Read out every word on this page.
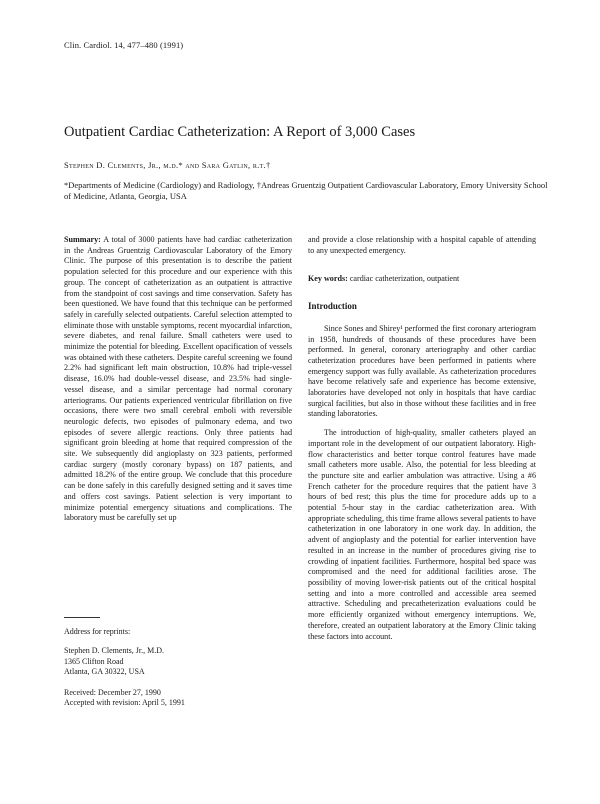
Clin. Cardiol. 14, 477–480 (1991)
Outpatient Cardiac Catheterization: A Report of 3,000 Cases
Stephen D. Clements, Jr., m.d.* and Sara Gatlin, r.t.†
*Departments of Medicine (Cardiology) and Radiology, †Andreas Gruentzig Outpatient Cardiovascular Laboratory, Emory University School of Medicine, Atlanta, Georgia, USA

Summary: A total of 3000 patients have had cardiac catheterization in the Andreas Gruentzig Cardiovascular Laboratory of the Emory Clinic. The purpose of this presentation is to describe the patient population selected for this procedure and our experience with this group. The concept of catheterization as an outpatient is attractive from the standpoint of cost savings and time conservation. Safety has been questioned. We have found that this technique can be performed safely in carefully selected outpatients. Careful selection attempted to eliminate those with unstable symptoms, recent myocardial infarction, severe diabetes, and renal failure. Small catheters were used to minimize the potential for bleeding. Excellent opacification of vessels was obtained with these catheters. Despite careful screening we found 2.2% had significant left main obstruction, 10.8% had triple-vessel disease, 16.0% had double-vessel disease, and 23.5% had single-vessel disease, and a similar percentage had normal coronary arteriograms. Our patients experienced ventricular fibrillation on five occasions, there were two small cerebral emboli with reversible neurologic defects, two episodes of pulmonary edema, and two episodes of severe allergic reactions. Only three patients had significant groin bleeding at home that required compression of the site. We subsequently did angioplasty on 323 patients, performed cardiac surgery (mostly coronary bypass) on 187 patients, and admitted 18.2% of the entire group. We conclude that this procedure can be done safely in this carefully designed setting and it saves time and offers cost savings. Patient selection is very important to minimize potential emergency situations and complications. The laboratory must be carefully set up

and provide a close relationship with a hospital capable of attending to any unexpected emergency.

Key words: cardiac catheterization, outpatient

Introduction

Since Sones and Shirey¹ performed the first coronary arteriogram in 1958, hundreds of thousands of these procedures have been performed. In general, coronary arteriography and other cardiac catheterization procedures have been performed in patients where emergency support was fully available. As catheterization procedures have become relatively safe and experience has become extensive, laboratories have developed not only in hospitals that have cardiac surgical facilities, but also in those without these facilities and in free standing laboratories.

The introduction of high-quality, smaller catheters played an important role in the development of our outpatient laboratory. High-flow characteristics and better torque control features have made small catheters more usable. Also, the potential for less bleeding at the puncture site and earlier ambulation was attractive. Using a #6 French catheter for the procedure requires that the patient have 3 hours of bed rest; this plus the time for procedure adds up to a potential 5-hour stay in the cardiac catheterization area. With appropriate scheduling, this time frame allows several patients to have catheterization in one laboratory in one work day. In addition, the advent of angioplasty and the potential for earlier intervention have resulted in an increase in the number of procedures giving rise to crowding of inpatient facilities. Furthermore, hospital bed space was compromised and the need for additional facilities arose. The possibility of moving lower-risk patients out of the critical hospital setting and into a more controlled and accessible area seemed attractive. Scheduling and precatheterization evaluations could be more efficiently organized without emergency interruptions. We, therefore, created an outpatient laboratory at the Emory Clinic taking these factors into account.

Address for reprints:

Stephen D. Clements, Jr., M.D.

1365 Clifton Road

Atlanta, GA 30322, USA

Received: December 27, 1990

Accepted with revision: April 5, 1991
